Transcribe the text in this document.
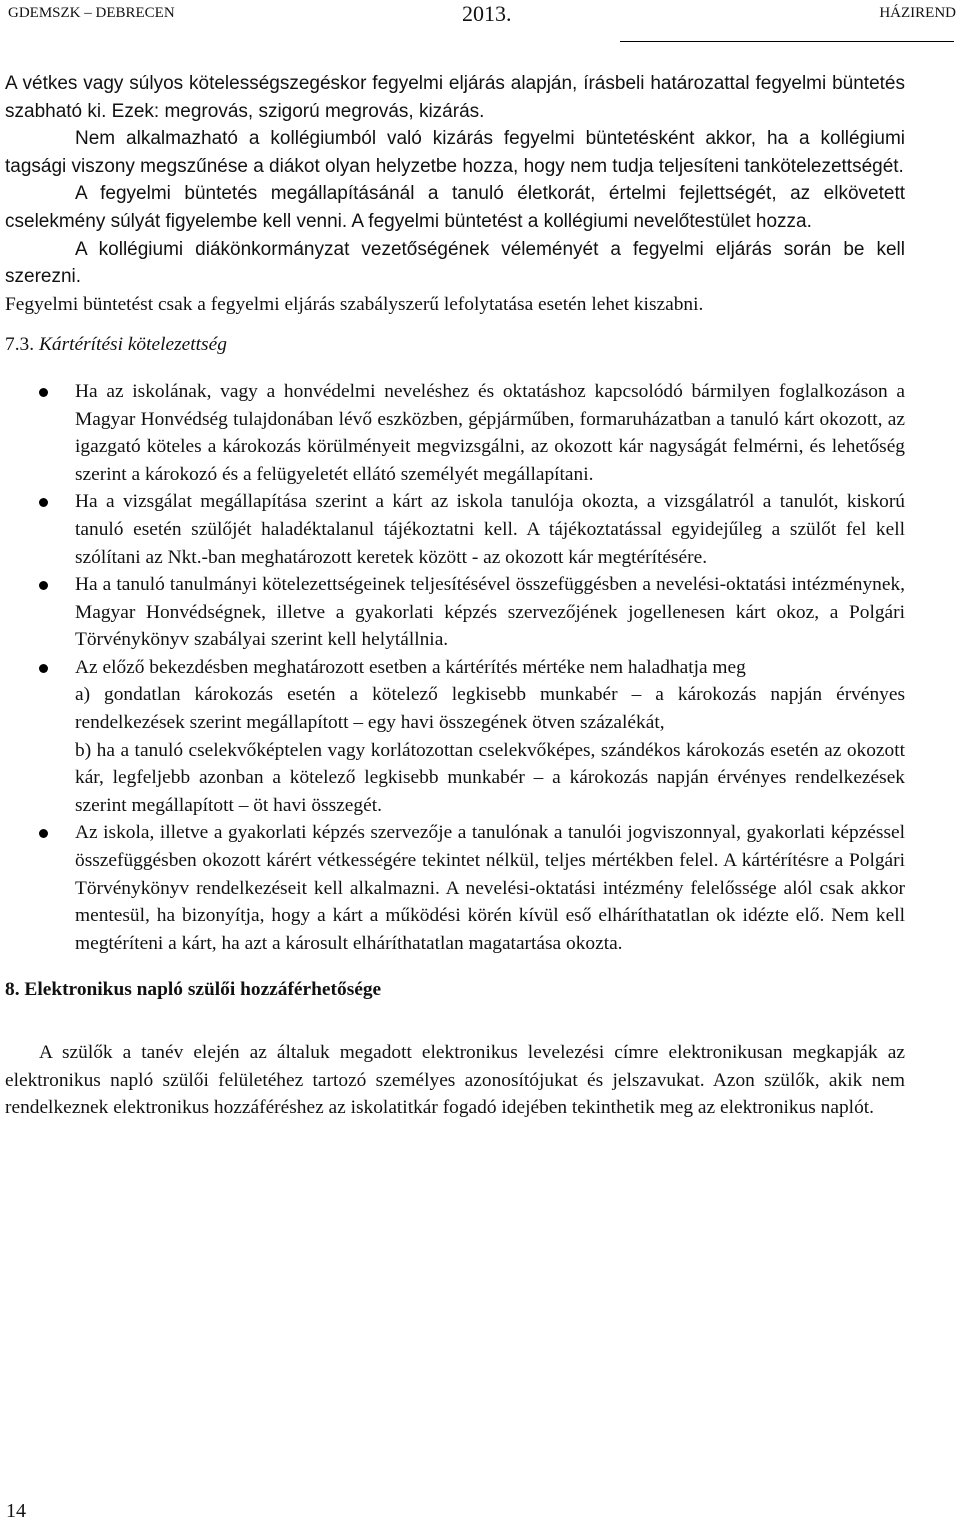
GDEMSZK – DEBRECEN	2013.	HÁZIREND

A vétkes vagy súlyos kötelességszegéskor fegyelmi eljárás alapján, írásbeli határozattal fegyelmi büntetés szabható ki. Ezek: megrovás, szigorú megrovás, kizárás.

Nem alkalmazható a kollégiumból való kizárás fegyelmi büntetésként akkor, ha a kollégiumi tagsági viszony megszűnése a diákot olyan helyzetbe hozza, hogy nem tudja teljesíteni tankötelezettségét.

A fegyelmi büntetés megállapításánál a tanuló életkorát, értelmi fejlettségét, az elkövetett cselekmény súlyát figyelembe kell venni. A fegyelmi büntetést a kollégiumi nevelőtestület hozza.

A kollégiumi diákönkormányzat vezetőségének véleményét a fegyelmi eljárás során be kell szerezni.

Fegyelmi büntetést csak a fegyelmi eljárás szabályszerű lefolytatása esetén lehet kiszabni.

7.3. Kártérítési kötelezettség

Ha az iskolának, vagy a honvédelmi neveléshez és oktatáshoz kapcsolódó bármilyen foglalkozáson a Magyar Honvédség tulajdonában lévő eszközben, gépjárműben, formaruházatban a tanuló kárt okozott, az igazgató köteles a károkozás körülményeit megvizsgálni, az okozott kár nagyságát felmérni, és lehetőség szerint a károkozó és a felügyeletét ellátó személyét megállapítani.
Ha a vizsgálat megállapítása szerint a kárt az iskola tanulója okozta, a vizsgálatról a tanulót, kiskorú tanuló esetén szülőjét haladéktalanul tájékoztatni kell. A tájékoztatással egyidejűleg a szülőt fel kell szólítani az Nkt.-ban meghatározott keretek között - az okozott kár megtérítésére.
Ha a tanuló tanulmányi kötelezettségeinek teljesítésével összefüggésben a nevelési-oktatási intézménynek, Magyar Honvédségnek, illetve a gyakorlati képzés szervezőjének jogellenesen kárt okoz, a Polgári Törvénykönyv szabályai szerint kell helytállnia.
Az előző bekezdésben meghatározott esetben a kártérítés mértéke nem haladhatja meg
a) gondatlan károkozás esetén a kötelező legkisebb munkabér – a károkozás napján érvényes rendelkezések szerint megállapított – egy havi összegének ötven százalékát,
b) ha a tanuló cselekvőképtelen vagy korlátozottan cselekvőképes, szándékos károkozás esetén az okozott kár, legfeljebb azonban a kötelező legkisebb munkabér – a károkozás napján érvényes rendelkezések szerint megállapított – öt havi összegét.
Az iskola, illetve a gyakorlati képzés szervezője a tanulónak a tanulói jogviszonnyal, gyakorlati képzéssel összefüggésben okozott kárért vétkességére tekintet nélkül, teljes mértékben felel. A kártérítésre a Polgári Törvénykönyv rendelkezéseit kell alkalmazni. A nevelési-oktatási intézmény felelőssége alól csak akkor mentesül, ha bizonyítja, hogy a kárt a működési körén kívül eső elháríthatatlan ok idézte elő. Nem kell megtéríteni a kárt, ha azt a károsult elháríthatatlan magatartása okozta.

8. Elektronikus napló szülői hozzáférhetősége

A szülők a tanév elején az általuk megadott elektronikus levelezési címre elektronikusan megkapják az elektronikus napló szülői felületéhez tartozó személyes azonosítójukat és jelszavukat. Azon szülők, akik nem rendelkeznek elektronikus hozzáféréshez az iskolatitkár fogadó idejében tekinthetik meg az elektronikus naplót.

14
